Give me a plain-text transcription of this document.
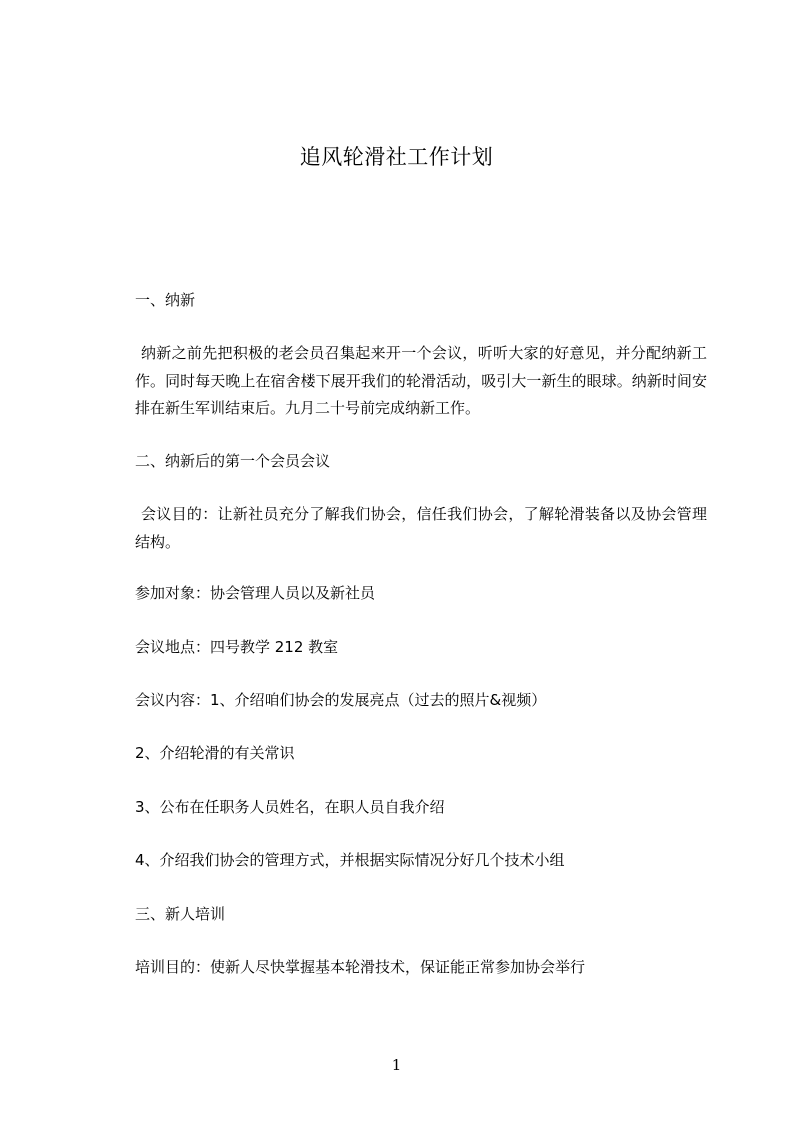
追风轮滑社工作计划
一、纳新
纳新之前先把积极的老会员召集起来开一个会议，听听大家的好意见，并分配纳新工作。同时每天晚上在宿舍楼下展开我们的轮滑活动，吸引大一新生的眼球。纳新时间安排在新生军训结束后。九月二十号前完成纳新工作。
二、纳新后的第一个会员会议
会议目的：让新社员充分了解我们协会，信任我们协会，了解轮滑装备以及协会管理结构。
参加对象：协会管理人员以及新社员
会议地点：四号教学 212 教室
会议内容：1、介绍咱们协会的发展亮点（过去的照片&视频）
2、介绍轮滑的有关常识
3、公布在任职务人员姓名，在职人员自我介绍
4、介绍我们协会的管理方式，并根据实际情况分好几个技术小组
三、新人培训
培训目的：使新人尽快掌握基本轮滑技术，保证能正常参加协会举行
1
